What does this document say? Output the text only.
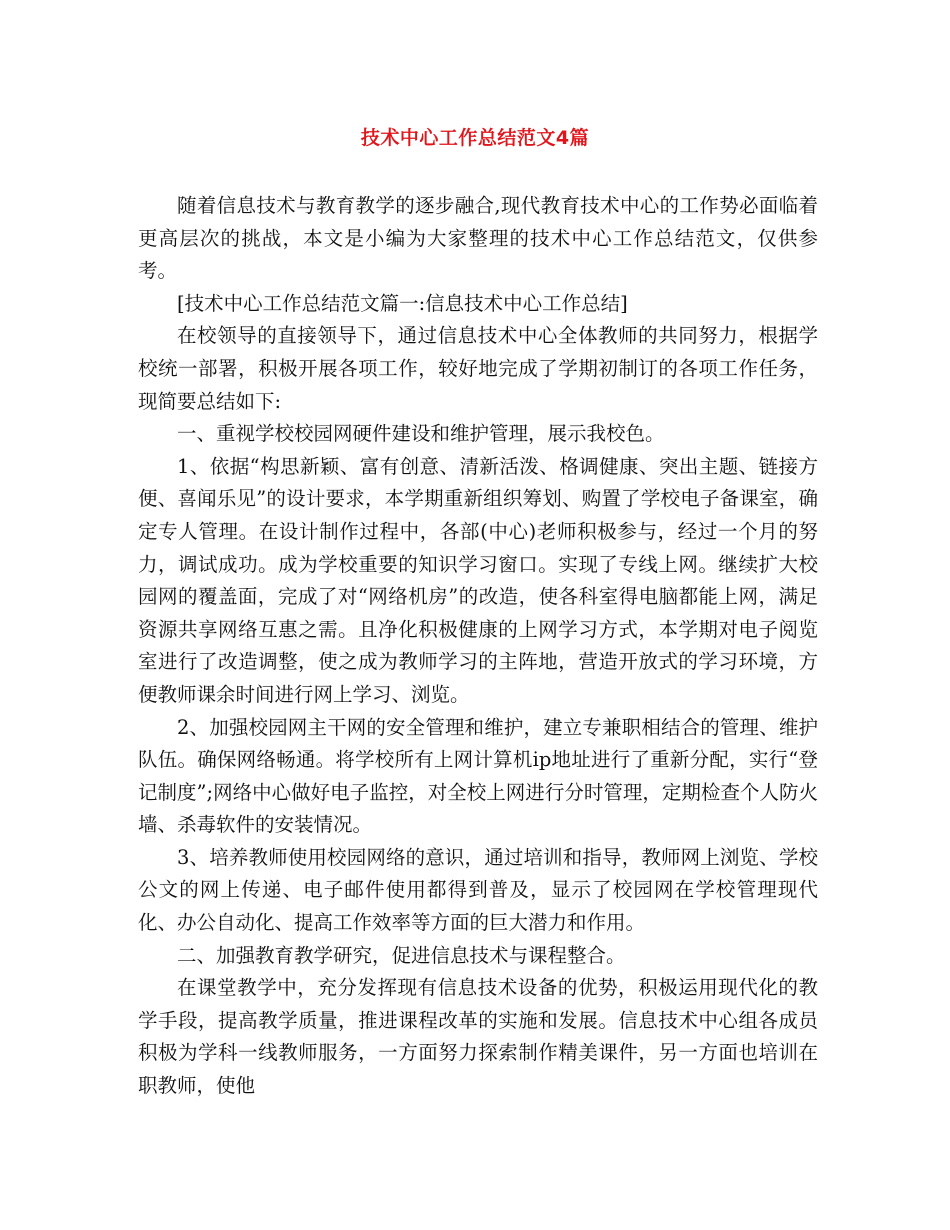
技术中心工作总结范文4篇

随着信息技术与教育教学的逐步融合,现代教育技术中心的工作势必面临着更高层次的挑战，本文是小编为大家整理的技术中心工作总结范文，仅供参考。

[技术中心工作总结范文篇一:信息技术中心工作总结]

在校领导的直接领导下，通过信息技术中心全体教师的共同努力，根据学校统一部署，积极开展各项工作，较好地完成了学期初制订的各项工作任务，现简要总结如下:

一、重视学校校园网硬件建设和维护管理，展示我校色。

1、依据“构思新颖、富有创意、清新活泼、格调健康、突出主题、链接方便、喜闻乐见”的设计要求，本学期重新组织筹划、购置了学校电子备课室，确定专人管理。在设计制作过程中，各部(中心)老师积极参与，经过一个月的努力，调试成功。成为学校重要的知识学习窗口。实现了专线上网。继续扩大校园网的覆盖面，完成了对“网络机房”的改造，使各科室得电脑都能上网，满足资源共享网络互惠之需。且净化积极健康的上网学习方式，本学期对电子阅览室进行了改造调整，使之成为教师学习的主阵地，营造开放式的学习环境，方便教师课余时间进行网上学习、浏览。

2、加强校园网主干网的安全管理和维护，建立专兼职相结合的管理、维护队伍。确保网络畅通。将学校所有上网计算机ip地址进行了重新分配，实行“登记制度”;网络中心做好电子监控，对全校上网进行分时管理，定期检查个人防火墙、杀毒软件的安装情况。

3、培养教师使用校园网络的意识，通过培训和指导，教师网上浏览、学校公文的网上传递、电子邮件使用都得到普及，显示了校园网在学校管理现代化、办公自动化、提高工作效率等方面的巨大潜力和作用。

二、加强教育教学研究，促进信息技术与课程整合。

在课堂教学中，充分发挥现有信息技术设备的优势，积极运用现代化的教学手段，提高教学质量，推进课程改革的实施和发展。信息技术中心组各成员积极为学科一线教师服务，一方面努力探索制作精美课件，另一方面也培训在职教师，使他
